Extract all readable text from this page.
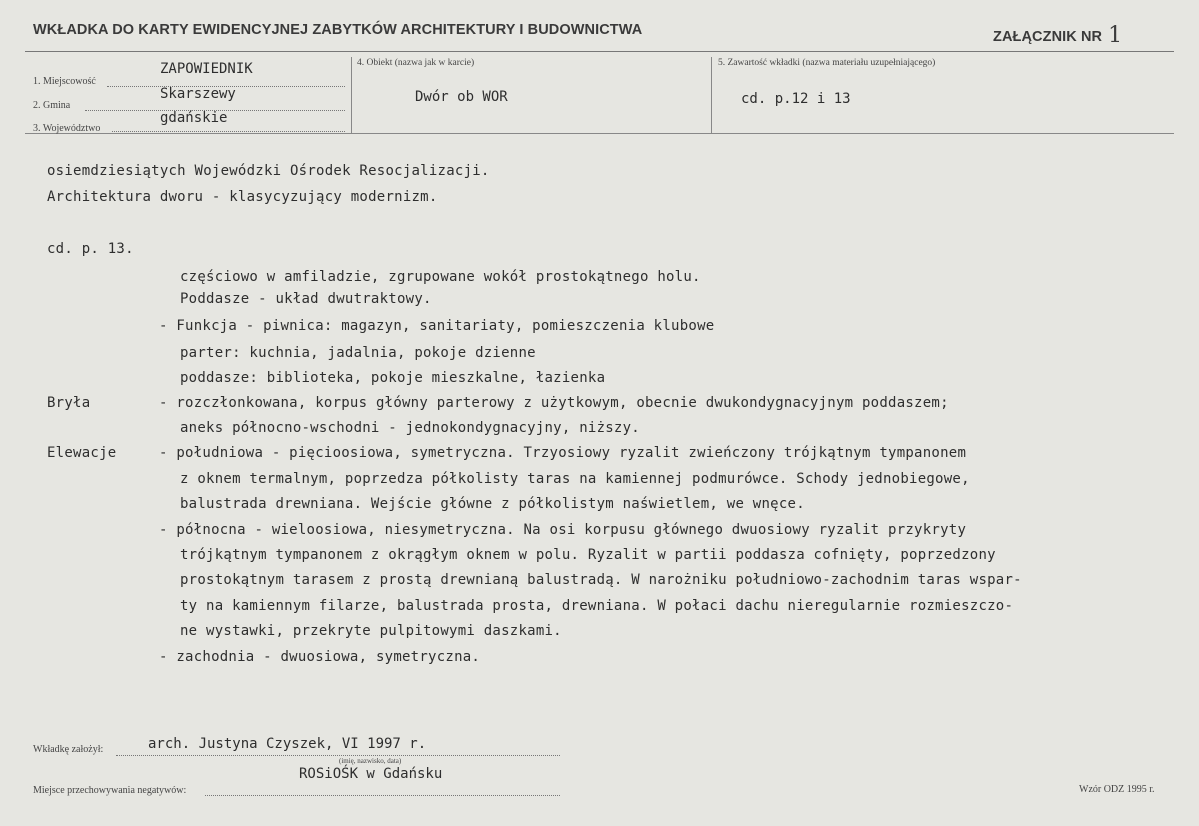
WKŁADKA DO KARTY EWIDENCYJNEJ ZABYTKÓW ARCHITEKTURY I BUDOWNICTWA	ZAŁĄCZNIK NR 1
1. Miejscowość
ZAPOWIEDNIK
2. Gmina
Skarszewy
3. Województwo
gdańskie
4. Obiekt (nazwa jak w karcie)
Dwór ob WOR
5. Zawartość wkładki (nazwa materiału uzupełniającego)
cd. p.12 i 13
osiemdziesiątych Wojewódzki Ośrodek Resocjalizacji.
Architektura dworu - klasycyzujący modernizm.
cd. p. 13.
częściowo w amfiladzie, zgrupowane wokół prostokątnego holu.
Poddasze - układ dwutraktowy.
- Funkcja - piwnica: magazyn, sanitariaty, pomieszczenia klubowe
parter: kuchnia, jadalnia, pokoje dzienne
poddasze: biblioteka, pokoje mieszkalne, łazienka
Bryła	- rozczłonkowana, korpus główny parterowy z użytkowym, obecnie dwukondygnacyjnym poddaszem;
aneks północno-wschodni - jednokondygnacyjny, niższy.
Elewacje	- południowa - pięcioosiowa, symetryczna. Trzyosiowy ryzalit zwieńczony trójkątnym tympanonem
z oknem termalnym, poprzedza półkolisty taras na kamiennej podmurówce. Schody jednobiegowe,
balustrada drewniana. Wejście główne z półkolistym naświetlem, we wnęce.
- północna - wieloosiowa, niesymetryczna. Na osi korpusu głównego dwuosiowy ryzalit przykryty
trójkątnym tympanonem z okrągłym oknem w polu. Ryzalit w partii poddasza cofnięty, poprzedzony
prostokątnym tarasem z prostą drewnianą balustradą. W narożniku południowo-zachodnim taras wspar-
ty na kamiennym filarze, balustrada prosta, drewniana. W połaci dachu nieregularnie rozmieszczo-
ne wystawki, przekryte pulpitowymi daszkami.
- zachodnia - dwuosiowa, symetryczna.
Wkładkę założył:	arch. Justyna Czyszek, VI 1997 r.
(imię, nazwisko, data)
ROSiOŚK w Gdańsku
Miejsce przechowywania negatywów:	Wzór ODZ 1995 r.
